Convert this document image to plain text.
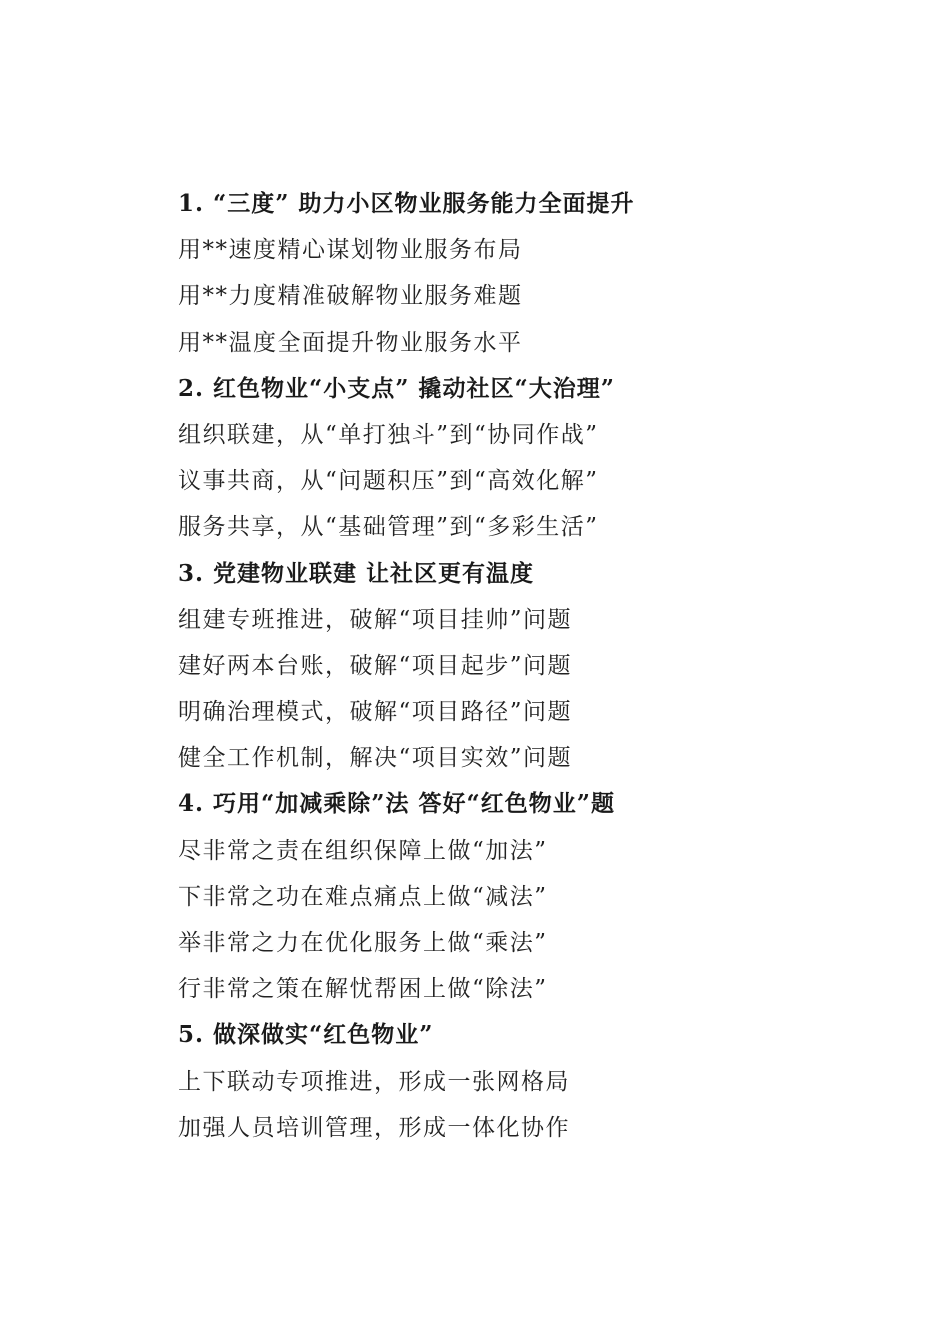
1. “三度” 助力小区物业服务能力全面提升
用**速度精心谋划物业服务布局
用**力度精准破解物业服务难题
用**温度全面提升物业服务水平
2. 红色物业“小支点” 撬动社区“大治理”
组织联建，从“单打独斗”到“协同作战”
议事共商，从“问题积压”到“高效化解”
服务共享，从“基础管理”到“多彩生活”
3. 党建物业联建 让社区更有温度
组建专班推进，破解“项目挂帅”问题
建好两本台账，破解“项目起步”问题
明确治理模式，破解“项目路径”问题
健全工作机制，解决“项目实效”问题
4. 巧用“加减乘除”法 答好“红色物业”题
尽非常之责在组织保障上做“加法”
下非常之功在难点痛点上做“减法”
举非常之力在优化服务上做“乘法”
行非常之策在解忧帮困上做“除法”
5. 做深做实“红色物业”
上下联动专项推进，形成一张网格局
加强人员培训管理，形成一体化协作
